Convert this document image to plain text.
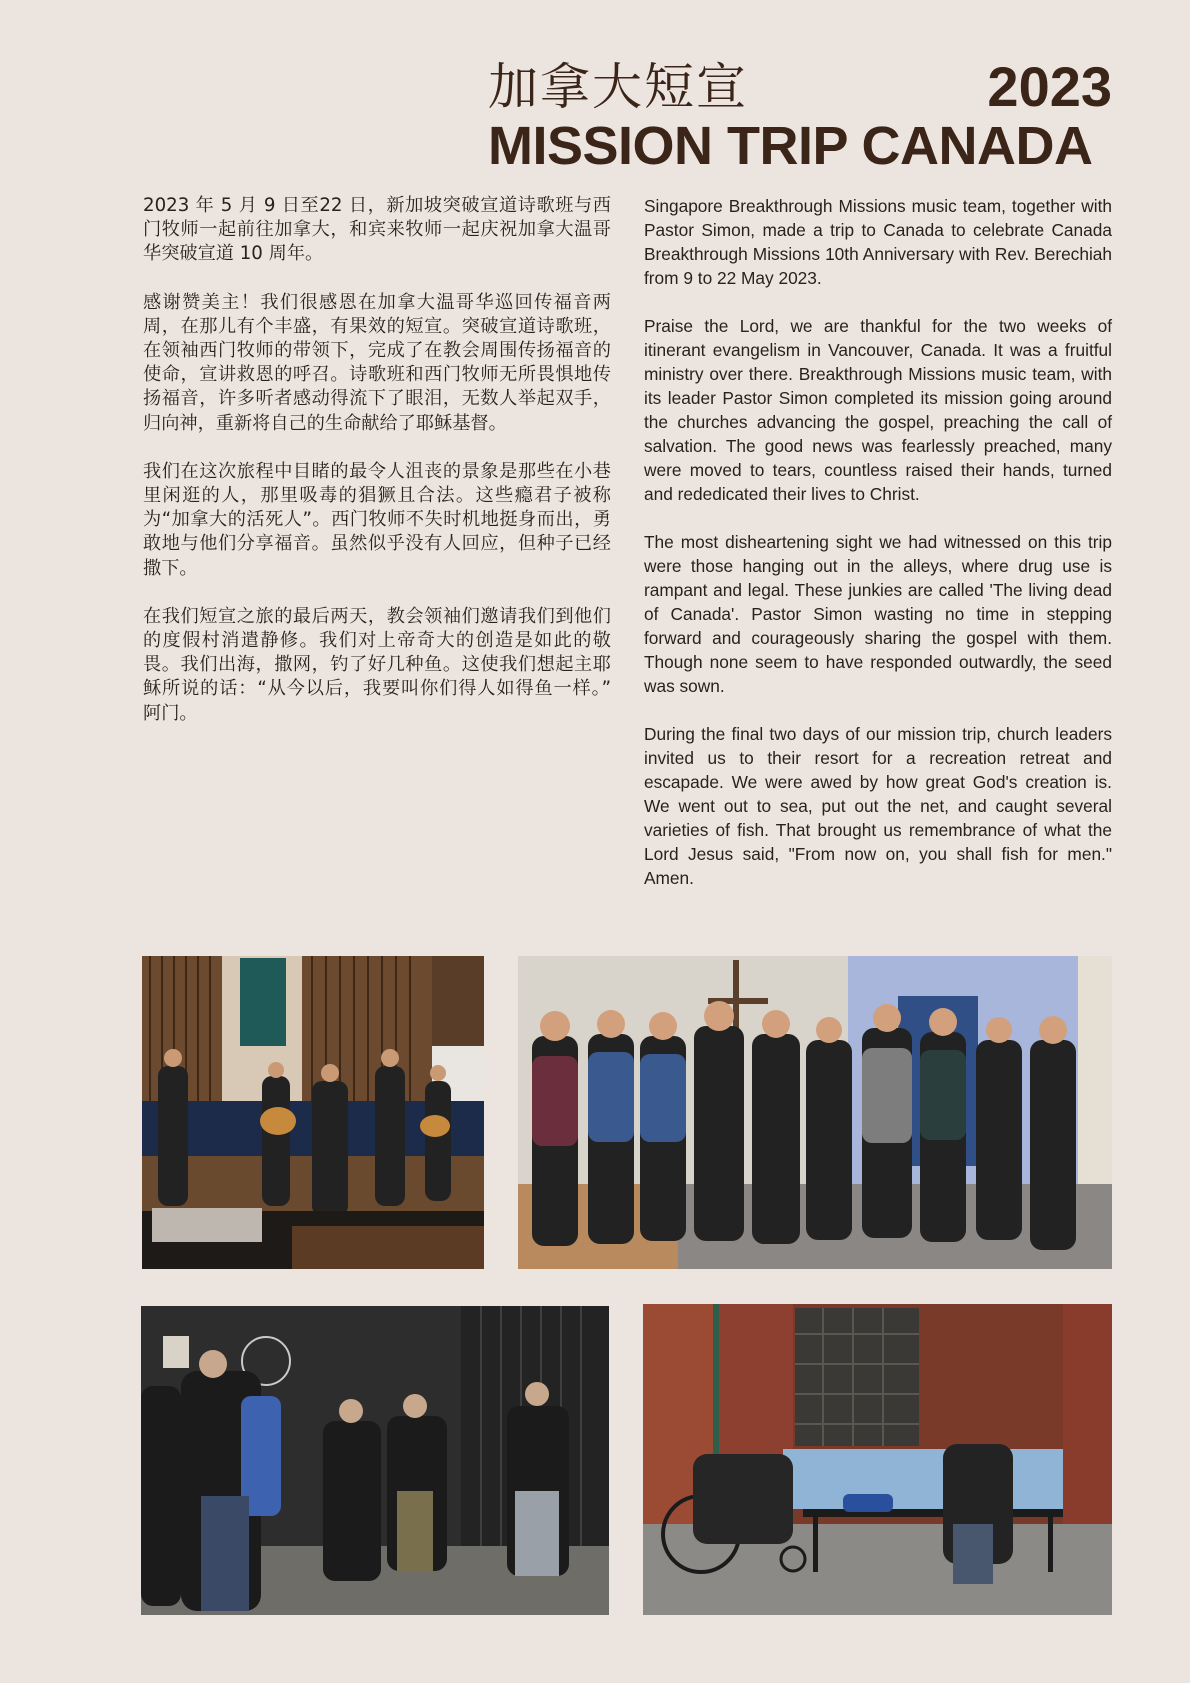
加拿大短宣	2023
MISSION TRIP CANADA

2023 年 5 月 9 日至22 日，新加坡突破宣道诗歌班与西门牧师一起前往加拿大，和宾来牧师一起庆祝加拿大温哥华突破宣道 10 周年。

感谢赞美主！我们很感恩在加拿大温哥华巡回传福音两周，在那儿有个丰盛，有果效的短宣。突破宣道诗歌班，在领袖西门牧师的带领下，完成了在教会周围传扬福音的使命，宣讲救恩的呼召。诗歌班和西门牧师无所畏惧地传扬福音，许多听者感动得流下了眼泪，无数人举起双手，归向神，重新将自己的生命献给了耶稣基督。

我们在这次旅程中目睹的最令人沮丧的景象是那些在小巷里闲逛的人，那里吸毒的猖獗且合法。这些瘾君子被称为“加拿大的活死人”。西门牧师不失时机地挺身而出，勇敢地与他们分享福音。虽然似乎没有人回应，但种子已经撒下。

在我们短宣之旅的最后两天，教会领袖们邀请我们到他们的度假村消遣静修。我们对上帝奇大的创造是如此的敬畏。我们出海，撒网，钓了好几种鱼。这使我们想起主耶稣所说的话：“从今以后，我要叫你们得人如得鱼一样。” 阿门。

Singapore Breakthrough Missions music team, together with Pastor Simon, made a trip to Canada to celebrate Canada Breakthrough Missions 10th Anniversary with Rev. Berechiah from 9 to 22 May 2023.

Praise the Lord, we are thankful for the two weeks of itinerant evangelism in Vancouver, Canada. It was a fruitful ministry over there. Breakthrough Missions music team, with its leader Pastor Simon completed its mission going around the churches advancing the gospel, preaching the call of salvation. The good news was fearlessly preached, many were moved to tears, countless raised their hands, turned and rededicated their lives to Christ.

The most disheartening sight we had witnessed on this trip were those hanging out in the alleys, where drug use is rampant and legal. These junkies are called 'The living dead of Canada'. Pastor Simon wasting no time in stepping forward and courageously sharing the gospel with them. Though none seem to have responded outwardly, the seed was sown.

During the final two days of our mission trip, church leaders invited us to their resort for a recreation retreat and escapade. We were awed by how great God's creation is. We went out to sea, put out the net, and caught several varieties of fish. That brought us remembrance of what the Lord Jesus said, "From now on, you shall fish for men." Amen.
